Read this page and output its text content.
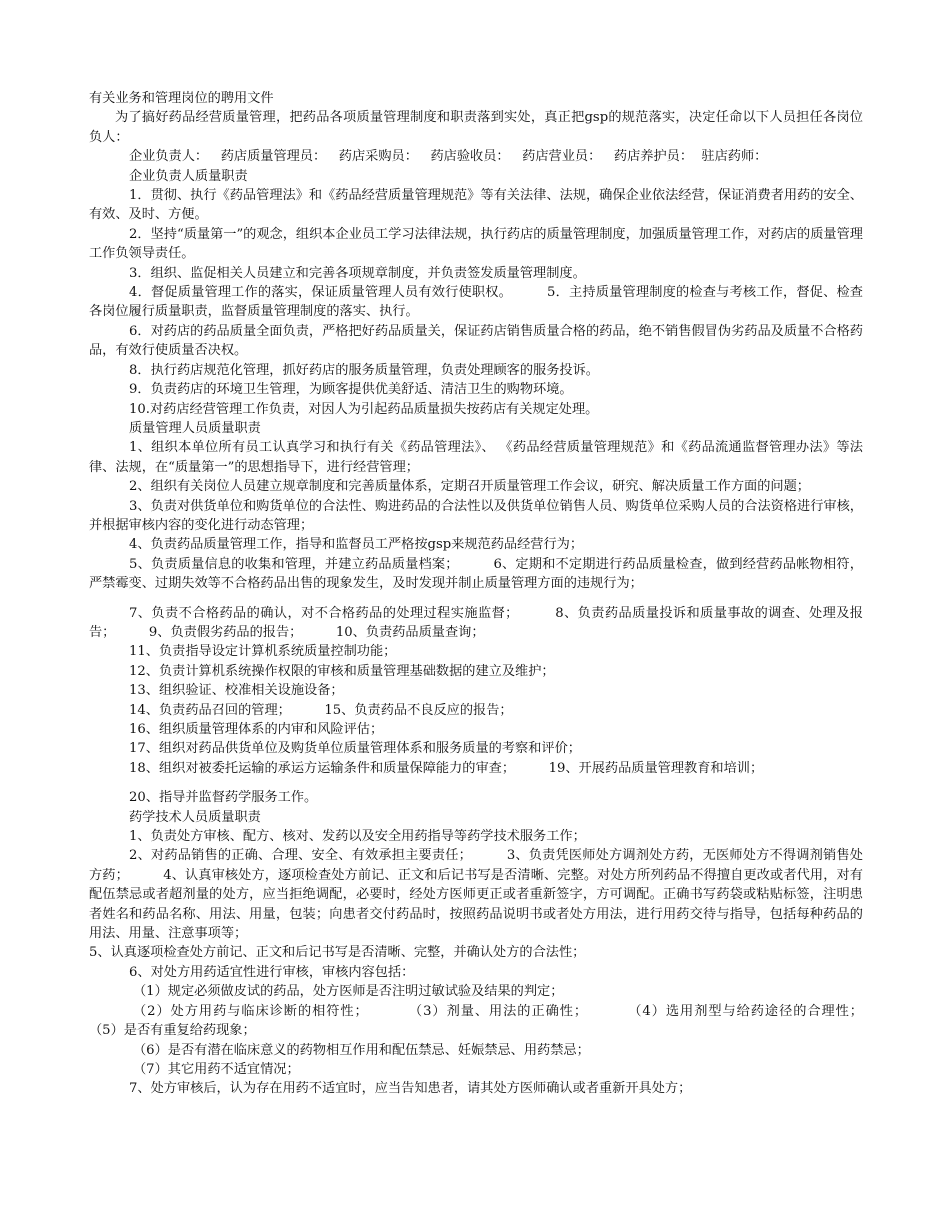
有关业务和管理岗位的聘用文件

为了搞好药品经营质量管理，把药品各项质量管理制度和职责落到实处，真正把gsp的规范落实，决定任命以下人员担任各岗位负人：

企业负责人：   药店质量管理员：   药店采购员：   药店验收员：   药店营业员：   药店养护员：  驻店药师：

企业负责人质量职责

1．贯彻、执行《药品管理法》和《药品经营质量管理规范》等有关法律、法规，确保企业依法经营，保证消费者用药的安全、有效、及时、方便。

2．坚持“质量第一”的观念，组织本企业员工学习法律法规，执行药店的质量管理制度，加强质量管理工作，对药店的质量管理工作负领导责任。

3．组织、监促相关人员建立和完善各项规章制度，并负责签发质量管理制度。

4．督促质量管理工作的落实，保证质量管理人员有效行使职权。        5．主持质量管理制度的检查与考核工作，督促、检查各岗位履行质量职责，监督质量管理制度的落实、执行。

6．对药店的药品质量全面负责，严格把好药品质量关，保证药店销售质量合格的药品，绝不销售假冒伪劣药品及质量不合格药品，有效行使质量否决权。

8．执行药店规范化管理，抓好药店的服务质量管理，负责处理顾客的服务投诉。

9．负责药店的环境卫生管理，为顾客提供优美舒适、清洁卫生的购物环境。

10.对药店经营管理工作负责，对因人为引起药品质量损失按药店有关规定处理。

质量管理人员质量职责

1、组织本单位所有员工认真学习和执行有关《药品管理法》、 《药品经营质量管理规范》和《药品流通监督管理办法》等法律、法规，在“质量第一”的思想指导下，进行经营管理；

2、组织有关岗位人员建立规章制度和完善质量体系，定期召开质量管理工作会议，研究、解决质量工作方面的问题；

3、负责对供货单位和购货单位的合法性、购进药品的合法性以及供货单位销售人员、购货单位采购人员的合法资格进行审核，并根据审核内容的变化进行动态管理；

4、负责药品质量管理工作，指导和监督员工严格按gsp来规范药品经营行为；

5、负责质量信息的收集和管理，并建立药品质量档案；        6、定期和不定期进行药品质量检查，做到经营药品帐物相符，严禁霉变、过期失效等不合格药品出售的现象发生，及时发现并制止质量管理方面的违规行为；

7、负责不合格药品的确认，对不合格药品的处理过程实施监督；        8、负责药品质量投诉和质量事故的调查、处理及报告；        9、负责假劣药品的报告；        10、负责药品质量查询；

11、负责指导设定计算机系统质量控制功能；

12、负责计算机系统操作权限的审核和质量管理基础数据的建立及维护；

13、组织验证、校准相关设施设备；

14、负责药品召回的管理；        15、负责药品不良反应的报告；

16、组织质量管理体系的内审和风险评估；

17、组织对药品供货单位及购货单位质量管理体系和服务质量的考察和评价；

18、组织对被委托运输的承运方运输条件和质量保障能力的审查；        19、开展药品质量管理教育和培训；

20、指导并监督药学服务工作。

药学技术人员质量职责

1、负责处方审核、配方、核对、发药以及安全用药指导等药学技术服务工作；

2、对药品销售的正确、合理、安全、有效承担主要责任；        3、负责凭医师处方调剂处方药，无医师处方不得调剂销售处方药；        4、认真审核处方，逐项检查处方前记、正文和后记书写是否清晰、完整。对处方所列药品不得擅自更改或者代用，对有配伍禁忌或者超剂量的处方，应当拒绝调配，必要时，经处方医师更正或者重新签字，方可调配。正确书写药袋或粘贴标签，注明患者姓名和药品名称、用法、用量，包装；向患者交付药品时，按照药品说明书或者处方用法，进行用药交待与指导，包括每种药品的用法、用量、注意事项等；

5、认真逐项检查处方前记、正文和后记书写是否清晰、完整，并确认处方的合法性；

6、对处方用药适宜性进行审核，审核内容包括：

（1）规定必须做皮试的药品，处方医师是否注明过敏试验及结果的判定；

（2）处方用药与临床诊断的相符性；        （3）剂量、用法的正确性；        （4）选用剂型与给药途径的合理性；        （5）是否有重复给药现象；

（6）是否有潜在临床意义的药物相互作用和配伍禁忌、妊娠禁忌、用药禁忌；

（7）其它用药不适宜情况；

7、处方审核后，认为存在用药不适宜时，应当告知患者，请其处方医师确认或者重新开具处方；
